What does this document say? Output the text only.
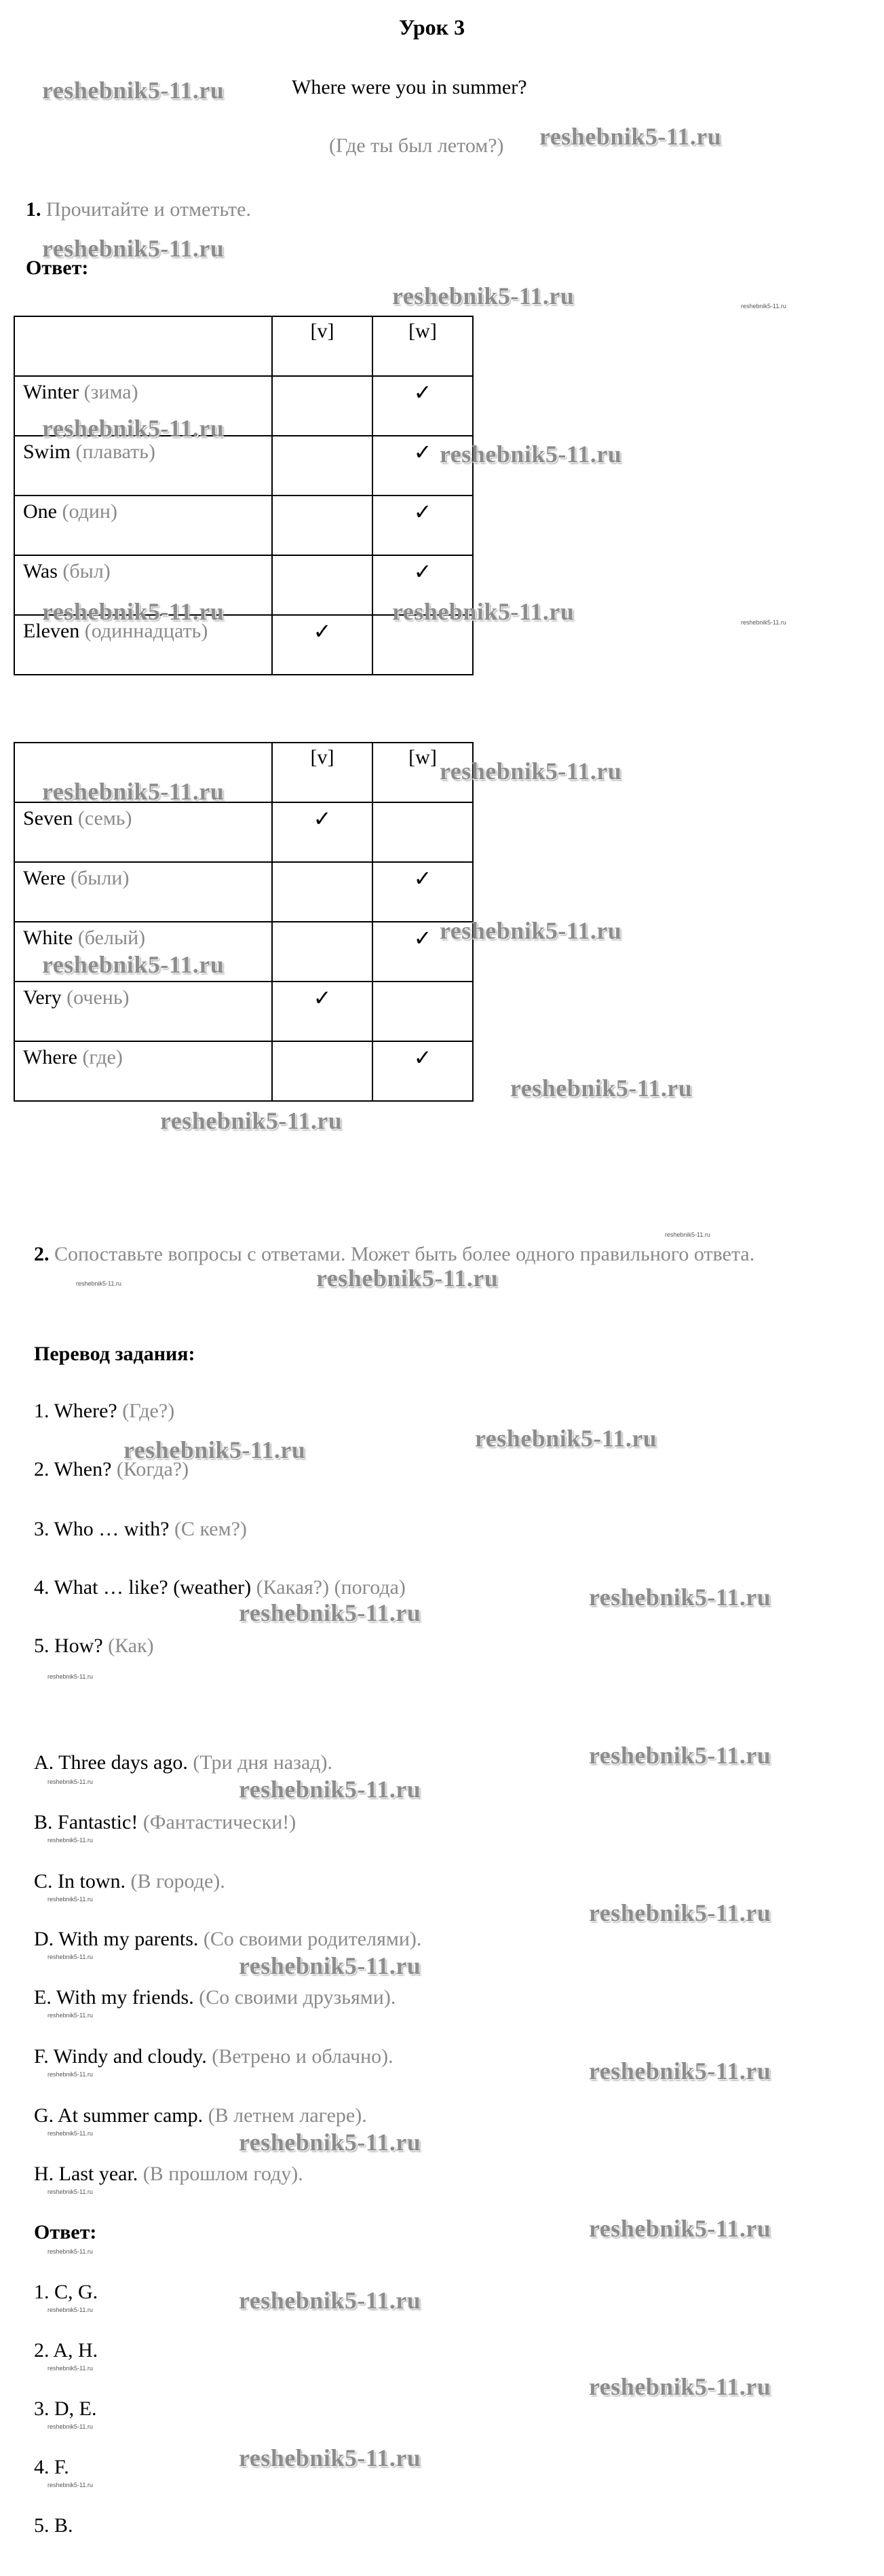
Урок 3
Where were you in summer?
(Где ты был летом?)
1. Прочитайте и отметьте.
Ответ:
	[v]	[w]
Winter (зима)		✓
Swim (плавать)		✓
One (один)		✓
Was (был)		✓
Eleven (одиннадцать)	✓	
	[v]	[w]
Seven (семь)	✓	
Were (были)		✓
White (белый)		✓
Very (очень)	✓	
Where (где)		✓
2. Сопоставьте вопросы с ответами. Может быть более одного правильного ответа.
Перевод задания:
1. Where? (Где?)
2. When? (Когда?)
3. Who … with? (С кем?)
4. What … like? (weather) (Какая?) (погода)
5. How? (Как)
A. Three days ago. (Три дня назад).
B. Fantastic! (Фантастически!)
C. In town. (В городе).
D. With my parents. (Со своими родителями).
E. With my friends. (Со своими друзьями).
F. Windy and cloudy. (Ветрено и облачно).
G. At summer camp. (В летнем лагере).
H. Last year. (В прошлом году).
Ответ:
1. C, G.
2. A, H.
3. D, E.
4. F.
5. B.
reshebnik5-11.ru
reshebnik5-11.ru
reshebnik5-11.ru
reshebnik5-11.ru
reshebnik5-11.ru
reshebnik5-11.ru
reshebnik5-11.ru	reshebnik5-11.ru
reshebnik5-11.ru
reshebnik5-11.ru
reshebnik5-11.ru
reshebnik5-11.ru
reshebnik5-11.ru
reshebnik5-11.ru
reshebnik5-11.ru
reshebnik5-11.ru
reshebnik5-11.ru
reshebnik5-11.ru
reshebnik5-11.ru
reshebnik5-11.ru
reshebnik5-11.ru
reshebnik5-11.ru
reshebnik5-11.ru
reshebnik5-11.ru
reshebnik5-11.ru
reshebnik5-11.ru
reshebnik5-11.ru
reshebnik5-11.ru
reshebnik5-11.ru
reshebnik5-11.ru
reshebnik5-11.ru
reshebnik5-11.ru
reshebnik5-11.ru
reshebnik5-11.ru
reshebnik5-11.ru
reshebnik5-11.ru
reshebnik5-11.ru
reshebnik5-11.ru
reshebnik5-11.ru
reshebnik5-11.ru
reshebnik5-11.ru
reshebnik5-11.ru
reshebnik5-11.ru
reshebnik5-11.ru
reshebnik5-11.ru
reshebnik5-11.ru
reshebnik5-11.ru
